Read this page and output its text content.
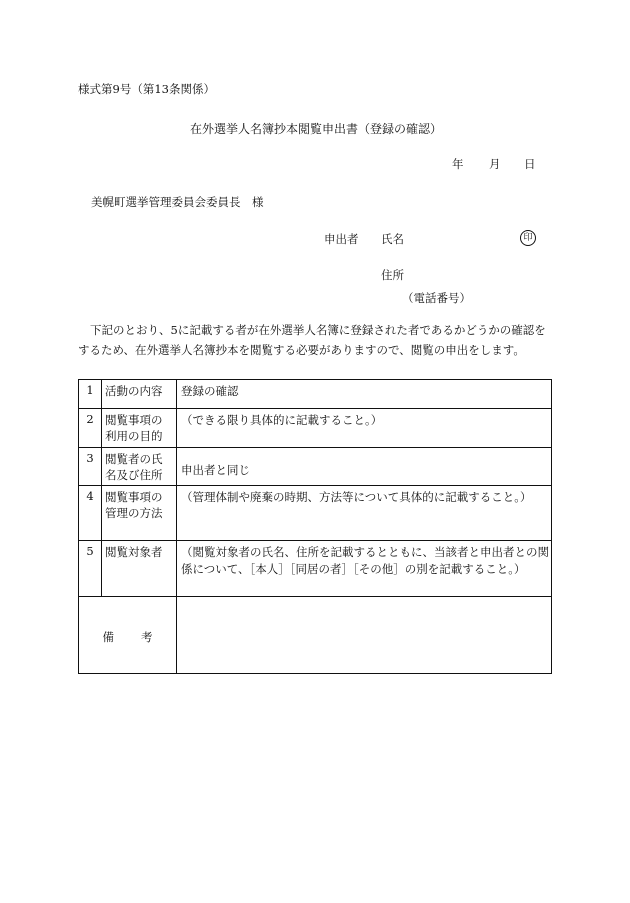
様式第9号（第13条関係）
在外選挙人名簿抄本閲覧申出書（登録の確認）
年 月 日
美幌町選挙管理委員会委員長　様
申出者 氏名	印
住所
（電話番号）
下記のとおり、5に記載する者が在外選挙人名簿に登録された者であるかどうかの確認を
するため、在外選挙人名簿抄本を閲覧する必要がありますので、閲覧の申出をします。
1	活動の内容	登録の確認

2	閲覧事項の
利用の目的	（できる限り具体的に記載すること。）

3	閲覧者の氏
名及び住所	申出者と同じ

4	閲覧事項の
管理の方法	（管理体制や廃棄の時期、方法等について具体的に記載すること。）

5	閲覧対象者	（閲覧対象者の氏名、住所を記載するとともに、当該者と申出者との関
係について、［本人］［同居の者］［その他］の別を記載すること。）

備 考		
